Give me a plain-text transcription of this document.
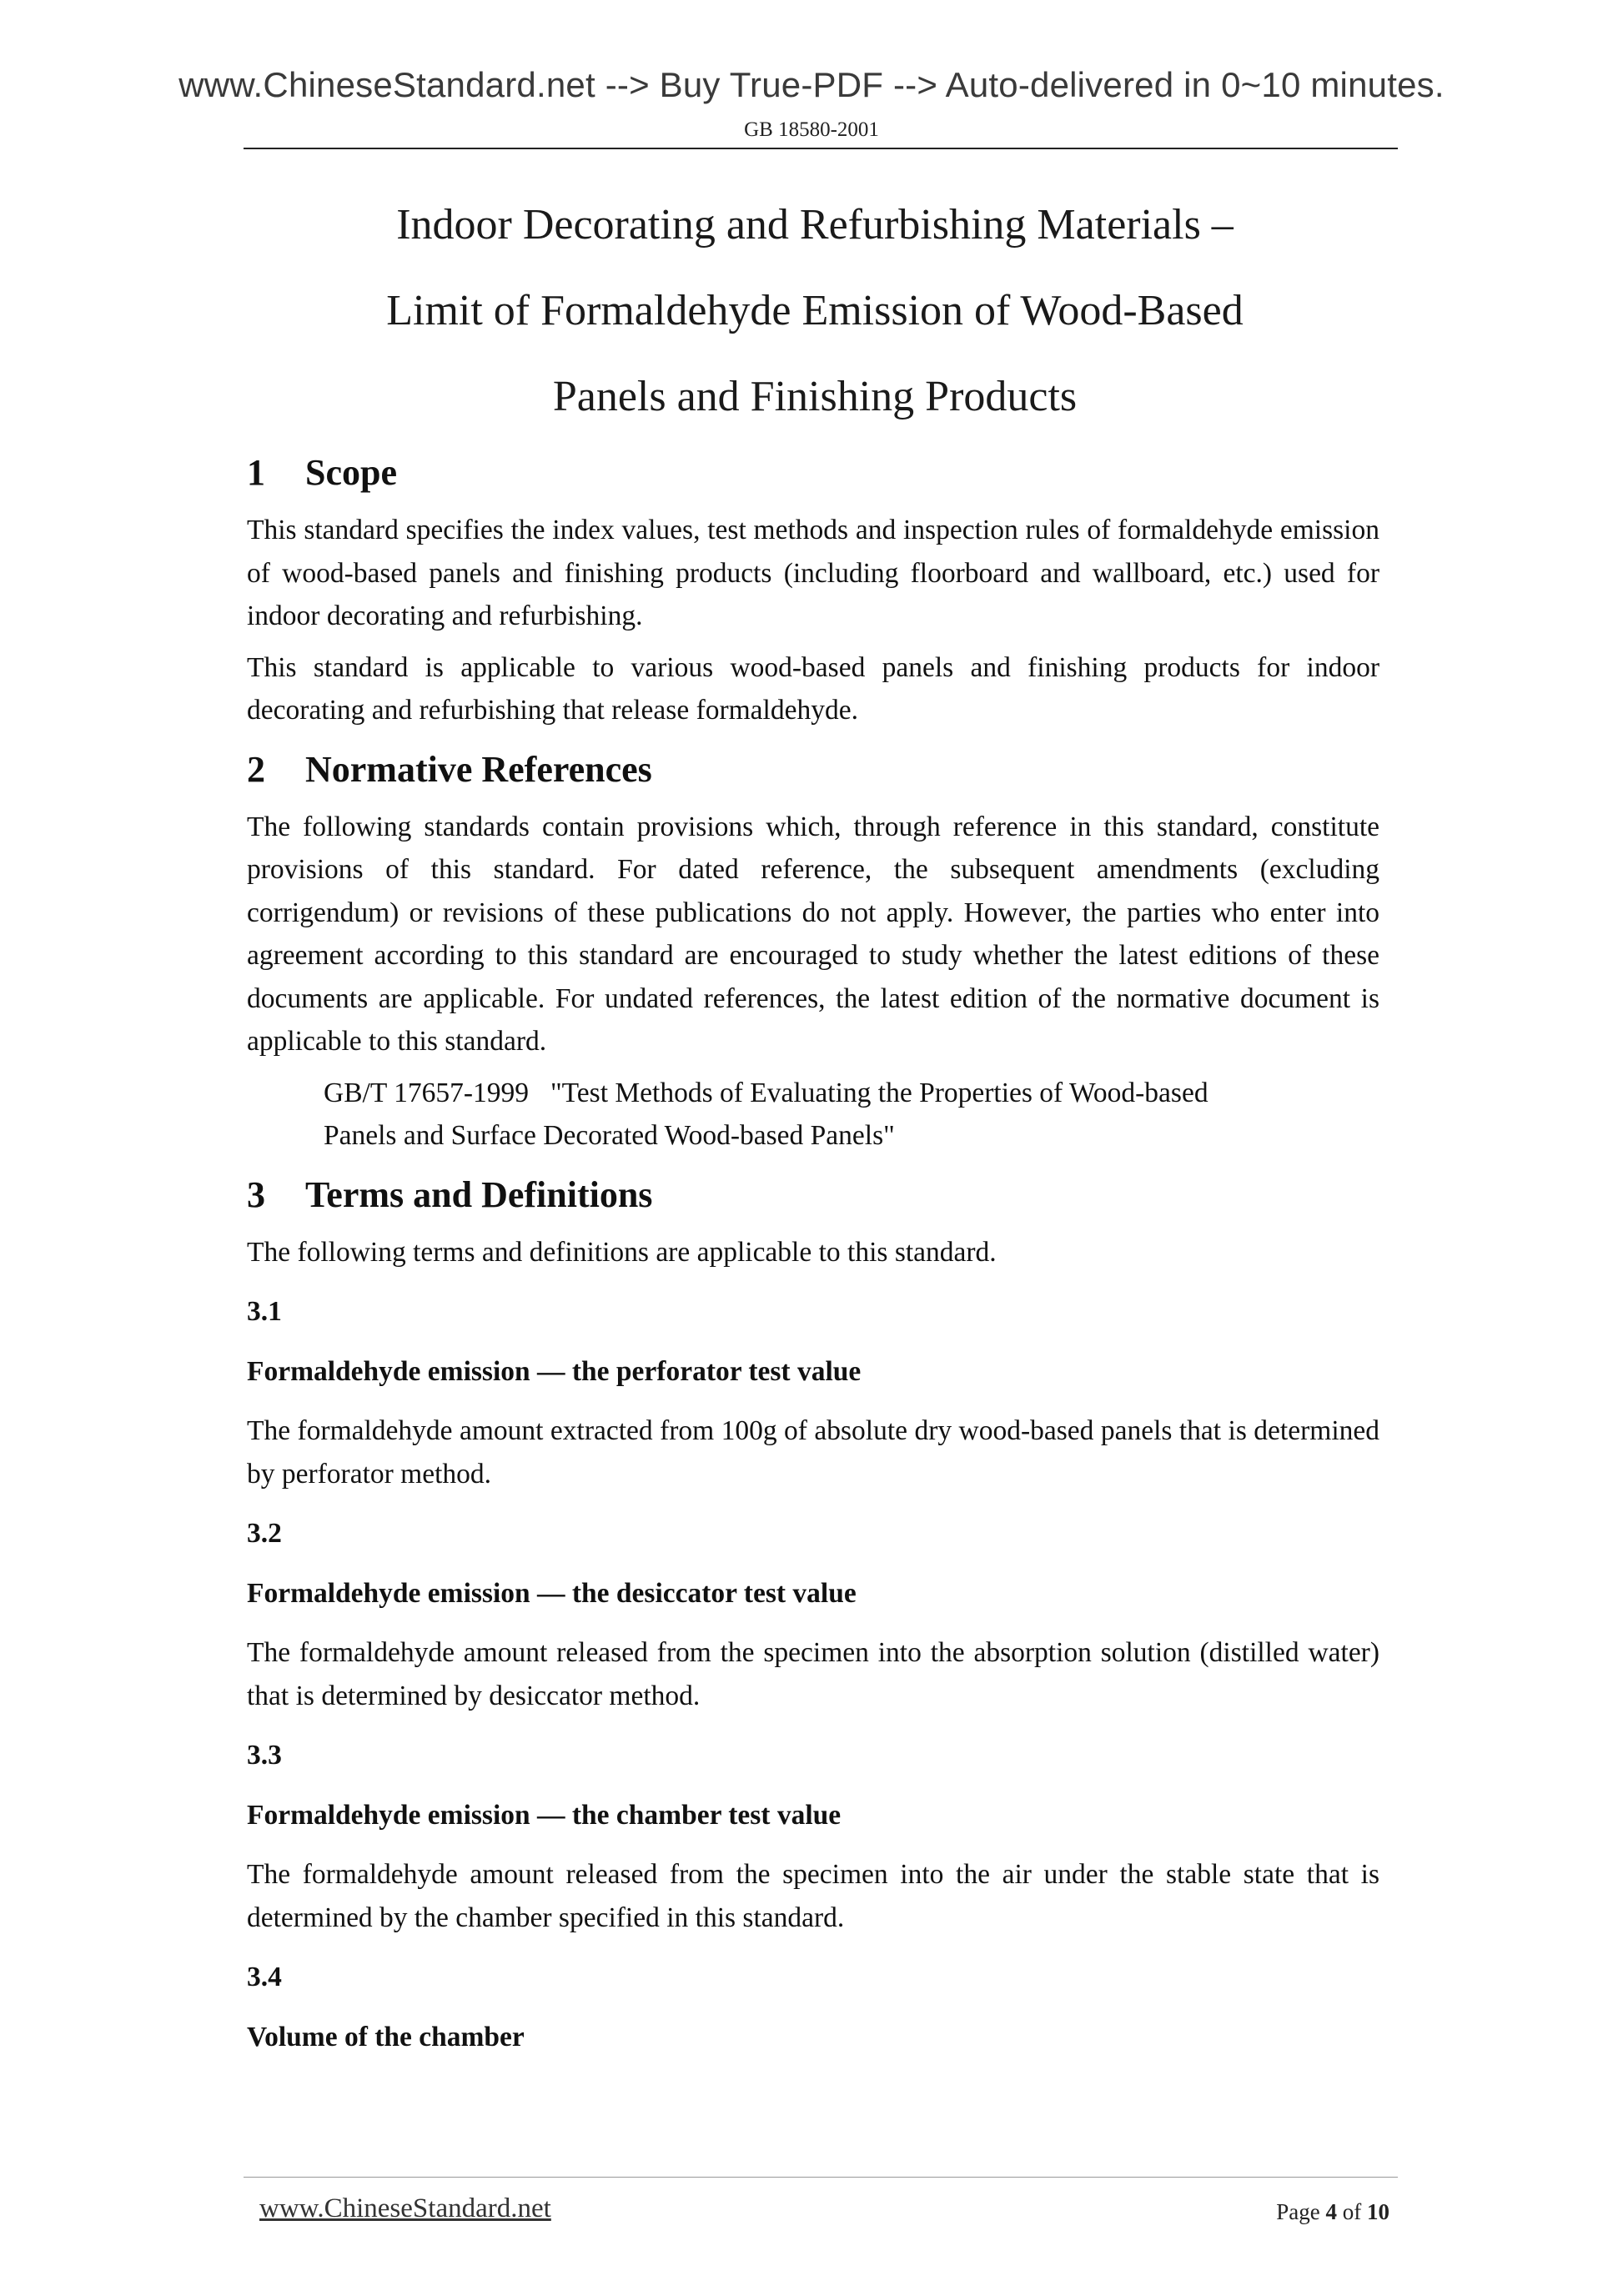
www.ChineseStandard.net --> Buy True-PDF --> Auto-delivered in 0~10 minutes.
GB 18580-2001
Indoor Decorating and Refurbishing Materials –
Limit of Formaldehyde Emission of Wood-Based
Panels and Finishing Products
1 Scope

This standard specifies the index values, test methods and inspection rules of formaldehyde emission of wood-based panels and finishing products (including floorboard and wallboard, etc.) used for indoor decorating and refurbishing.

This standard is applicable to various wood-based panels and finishing products for indoor decorating and refurbishing that release formaldehyde.

2 Normative References

The following standards contain provisions which, through reference in this standard, constitute provisions of this standard. For dated reference, the subsequent amendments (excluding corrigendum) or revisions of these publications do not apply. However, the parties who enter into agreement according to this standard are encouraged to study whether the latest editions of these documents are applicable. For undated references, the latest edition of the normative document is applicable to this standard.

GB/T 17657-1999 "Test Methods of Evaluating the Properties of Wood-based
Panels and Surface Decorated Wood-based Panels"
3 Terms and Definitions

The following terms and definitions are applicable to this standard.

3.1
Formaldehyde emission — the perforator test value

The formaldehyde amount extracted from 100g of absolute dry wood-based panels that is determined by perforator method.

3.2
Formaldehyde emission — the desiccator test value

The formaldehyde amount released from the specimen into the absorption solution (distilled water) that is determined by desiccator method.

3.3
Formaldehyde emission — the chamber test value

The formaldehyde amount released from the specimen into the air under the stable state that is determined by the chamber specified in this standard.

3.4
Volume of the chamber
www.ChineseStandard.net	Page 4 of 10
